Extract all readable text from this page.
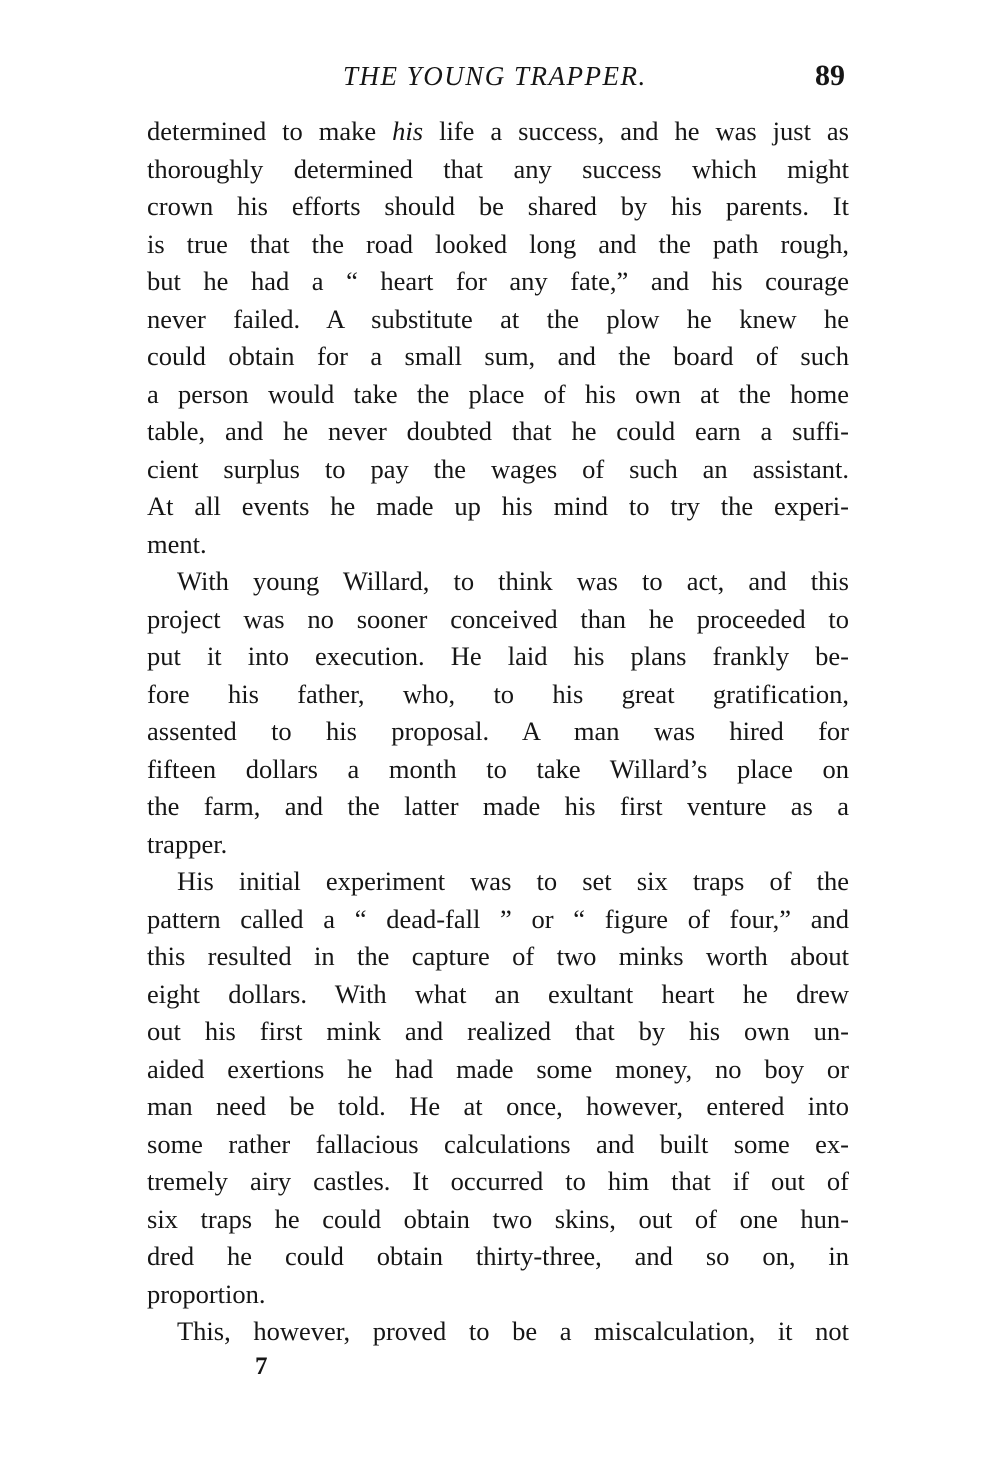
THE YOUNG TRAPPER.	89
determined to make his life a success, and he was just as
thoroughly determined that any success which might
crown his efforts should be shared by his parents. It
is true that the road looked long and the path rough,
but he had a “ heart for any fate,” and his courage
never failed. A substitute at the plow he knew he
could obtain for a small sum, and the board of such
a person would take the place of his own at the home
table, and he never doubted that he could earn a suffi-
cient surplus to pay the wages of such an assistant.
At all events he made up his mind to try the experi-
ment.
With young Willard, to think was to act, and this
project was no sooner conceived than he proceeded to
put it into execution. He laid his plans frankly be-
fore his father, who, to his great gratification,
assented to his proposal. A man was hired for
fifteen dollars a month to take Willard’s place on
the farm, and the latter made his first venture as a
trapper.
His initial experiment was to set six traps of the
pattern called a “ dead-fall ” or “ figure of four,” and
this resulted in the capture of two minks worth about
eight dollars. With what an exultant heart he drew
out his first mink and realized that by his own un-
aided exertions he had made some money, no boy or
man need be told. He at once, however, entered into
some rather fallacious calculations and built some ex-
tremely airy castles. It occurred to him that if out of
six traps he could obtain two skins, out of one hun-
dred he could obtain thirty-three, and so on, in
proportion.
This, however, proved to be a miscalculation, it not
7
